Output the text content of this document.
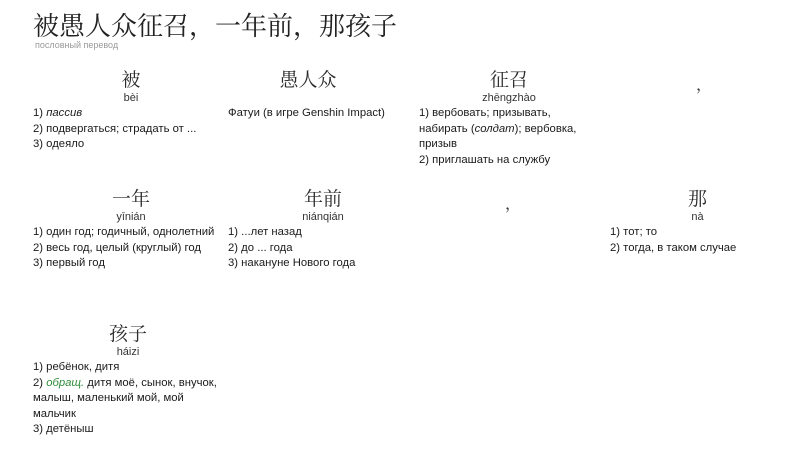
被愚人众征召，一年前，那孩子
пословный перевод
被
bèi
1) пассив
2) подвергаться; страдать от ...
3) одеяло
愚人众
Фатуи (в игре Genshin Impact)
征召
zhēngzhào
1) вербовать; призывать, набирать (солдат); вербовка, призыв
2) приглашать на службу
，
一年
yīnián
1) один год; годичный, однолетний
2) весь год, целый (круглый) год
3) первый год
年前
niánqián
1) ...лет назад
2) до ... года
3) накануне Нового года
，	那
nà
1) тот; то
2) тогда, в таком случае
孩子
háizi
1) ребёнок, дитя
2) обращ. дитя моё, сынок, внучок, малыш, маленький мой, мой мальчик
3) детёныш
